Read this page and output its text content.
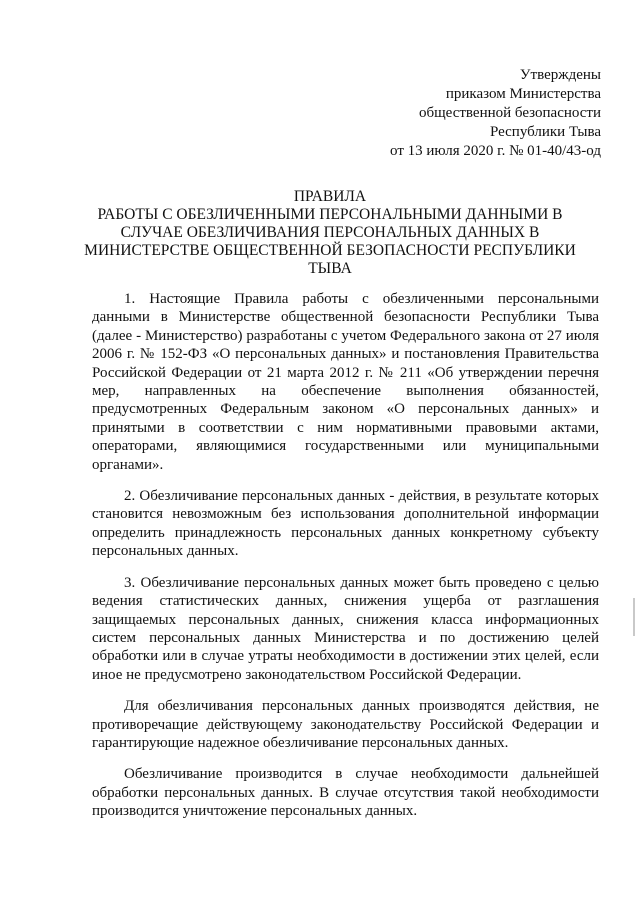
Утверждены
приказом Министерства
общественной безопасности
Республики Тыва
от 13 июля 2020 г. № 01-40/43-од
ПРАВИЛА
РАБОТЫ С ОБЕЗЛИЧЕННЫМИ ПЕРСОНАЛЬНЫМИ ДАННЫМИ В
СЛУЧАЕ ОБЕЗЛИЧИВАНИЯ ПЕРСОНАЛЬНЫХ ДАННЫХ В
МИНИСТЕРСТВЕ ОБЩЕСТВЕННОЙ БЕЗОПАСНОСТИ РЕСПУБЛИКИ
ТЫВА

1. Настоящие Правила работы с обезличенными персональными данными в Министерстве общественной безопасности Республики Тыва (далее - Министерство) разработаны с учетом Федерального закона от 27 июля 2006 г. № 152-ФЗ «О персональных данных» и постановления Правительства Российской Федерации от 21 марта 2012 г. № 211 «Об утверждении перечня мер, направленных на обеспечение выполнения обязанностей, предусмотренных Федеральным законом «О персональных данных» и принятыми в соответствии с ним нормативными правовыми актами, операторами, являющимися государственными или муниципальными органами».

2. Обезличивание персональных данных - действия, в результате которых становится невозможным без использования дополнительной информации определить принадлежность персональных данных конкретному субъекту персональных данных.

3. Обезличивание персональных данных может быть проведено с целью ведения статистических данных, снижения ущерба от разглашения защищаемых персональных данных, снижения класса информационных систем персональных данных Министерства и по достижению целей обработки или в случае утраты необходимости в достижении этих целей, если иное не предусмотрено законодательством Российской Федерации.

Для обезличивания персональных данных производятся действия, не противоречащие действующему законодательству Российской Федерации и гарантирующие надежное обезличивание персональных данных.

Обезличивание производится в случае необходимости дальнейшей обработки персональных данных. В случае отсутствия такой необходимости производится уничтожение персональных данных.
